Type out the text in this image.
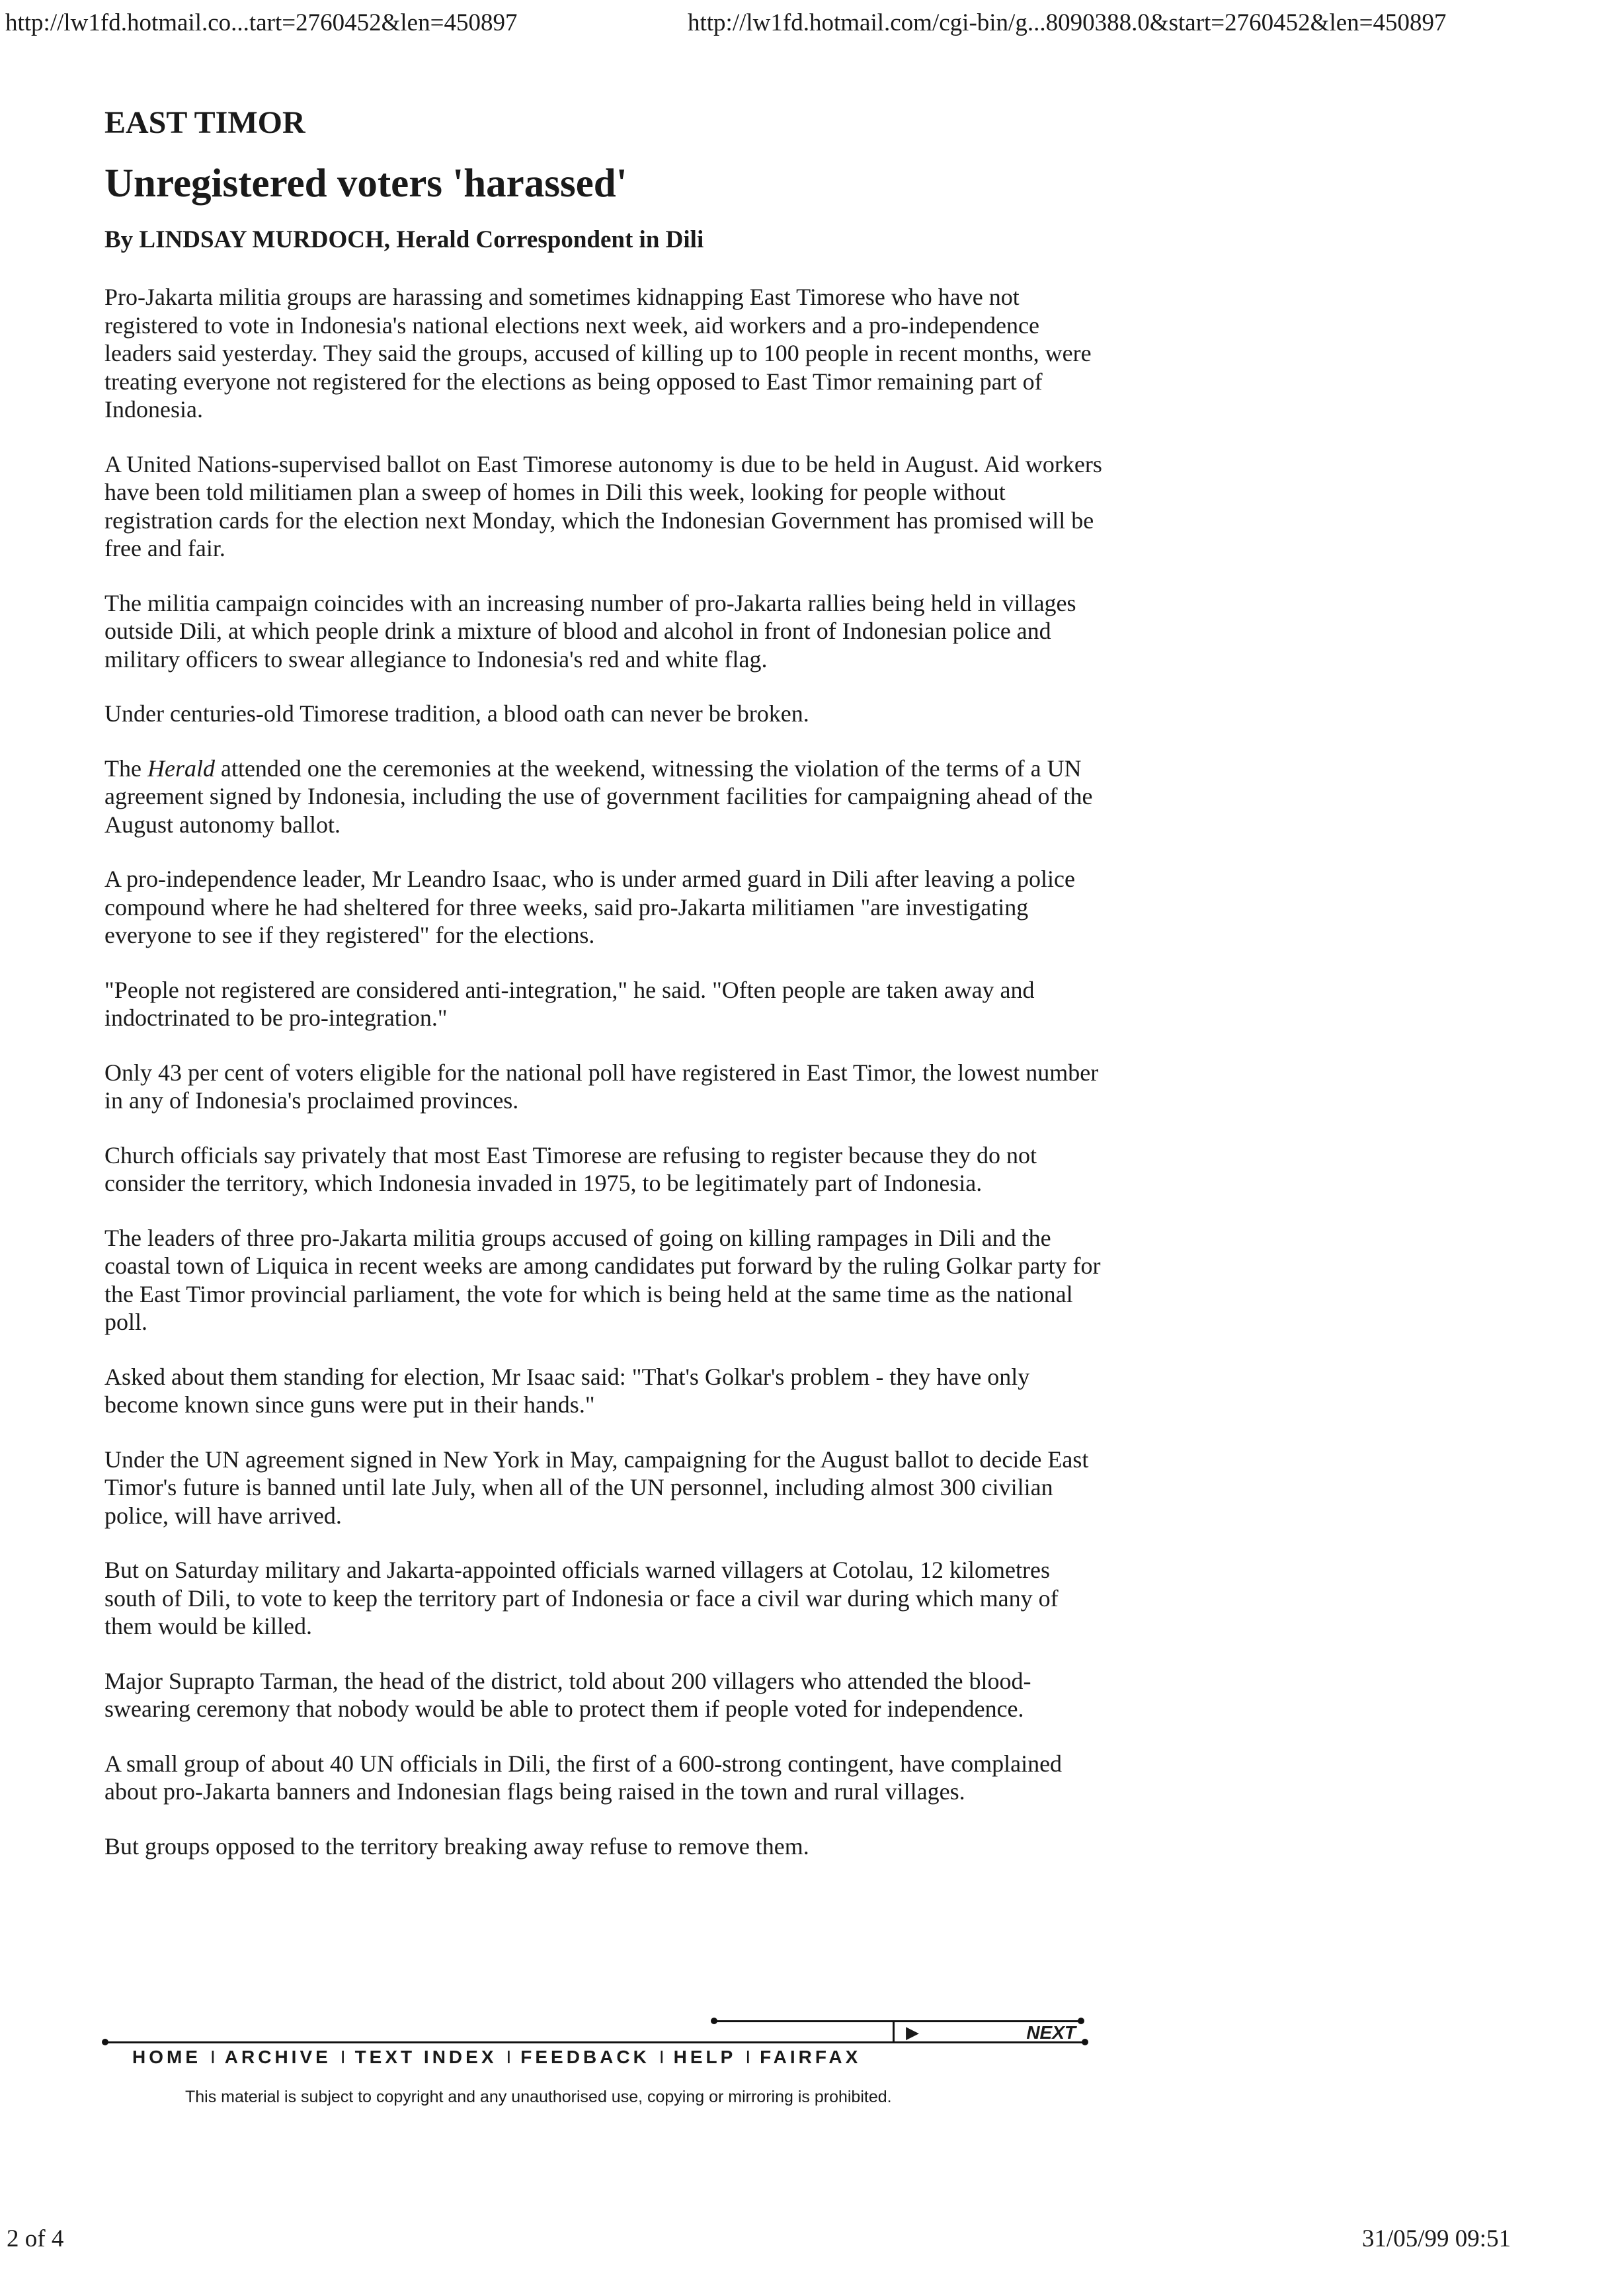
http://lw1fd.hotmail.co...tart=2760452&len=450897	http://lw1fd.hotmail.com/cgi-bin/g...8090388.0&start=2760452&len=450897
EAST TIMOR
Unregistered voters 'harassed'
By LINDSAY MURDOCH, Herald Correspondent in Dili

Pro-Jakarta militia groups are harassing and sometimes kidnapping East Timorese who have not registered to vote in Indonesia's national elections next week, aid workers and a pro-independence leaders said yesterday. They said the groups, accused of killing up to 100 people in recent months, were treating everyone not registered for the elections as being opposed to East Timor remaining part of Indonesia.

A United Nations-supervised ballot on East Timorese autonomy is due to be held in August. Aid workers have been told militiamen plan a sweep of homes in Dili this week, looking for people without registration cards for the election next Monday, which the Indonesian Government has promised will be free and fair.

The militia campaign coincides with an increasing number of pro-Jakarta rallies being held in villages outside Dili, at which people drink a mixture of blood and alcohol in front of Indonesian police and military officers to swear allegiance to Indonesia's red and white flag.

Under centuries-old Timorese tradition, a blood oath can never be broken.

The Herald attended one the ceremonies at the weekend, witnessing the violation of the terms of a UN agreement signed by Indonesia, including the use of government facilities for campaigning ahead of the August autonomy ballot.

A pro-independence leader, Mr Leandro Isaac, who is under armed guard in Dili after leaving a police compound where he had sheltered for three weeks, said pro-Jakarta militiamen "are investigating everyone to see if they registered" for the elections.

"People not registered are considered anti-integration," he said. "Often people are taken away and indoctrinated to be pro-integration."

Only 43 per cent of voters eligible for the national poll have registered in East Timor, the lowest number in any of Indonesia's proclaimed provinces.

Church officials say privately that most East Timorese are refusing to register because they do not consider the territory, which Indonesia invaded in 1975, to be legitimately part of Indonesia.

The leaders of three pro-Jakarta militia groups accused of going on killing rampages in Dili and the coastal town of Liquica in recent weeks are among candidates put forward by the ruling Golkar party for the East Timor provincial parliament, the vote for which is being held at the same time as the national poll.

Asked about them standing for election, Mr Isaac said: "That's Golkar's problem - they have only become known since guns were put in their hands."

Under the UN agreement signed in New York in May, campaigning for the August ballot to decide East Timor's future is banned until late July, when all of the UN personnel, including almost 300 civilian police, will have arrived.

But on Saturday military and Jakarta-appointed officials warned villagers at Cotolau, 12 kilometres south of Dili, to vote to keep the territory part of Indonesia or face a civil war during which many of them would be killed.

Major Suprapto Tarman, the head of the district, told about 200 villagers who attended the blood-swearing ceremony that nobody would be able to protect them if people voted for independence.

A small group of about 40 UN officials in Dili, the first of a 600-strong contingent, have complained about pro-Jakarta banners and Indonesian flags being raised in the town and rural villages.

But groups opposed to the territory breaking away refuse to remove them.

▶	NEXT
HOME I ARCHIVE I TEXT INDEX I FEEDBACK I HELP I FAIRFAX
This material is subject to copyright and any unauthorised use, copying or mirroring is prohibited.
2 of 4	31/05/99 09:51
